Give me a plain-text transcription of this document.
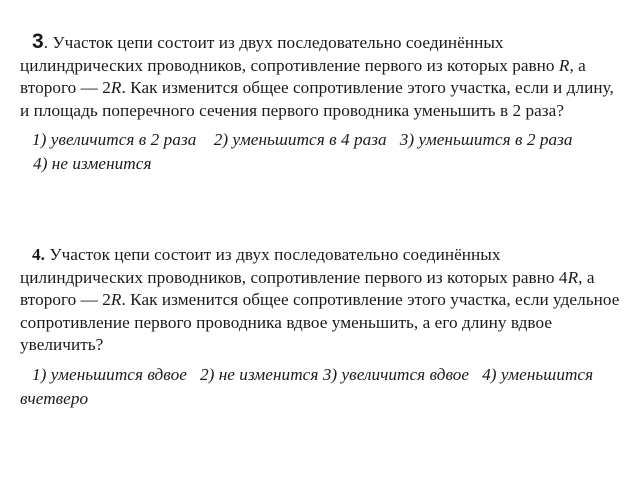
3. Участок цепи состоит из двух последовательно соединённых цилиндрических проводников, сопротивление первого из которых равно R, а второго — 2R. Как изменится общее сопротивление этого участка, если и длину, и площадь поперечного сечения первого проводника уменьшить в 2 раза?

1) увеличится в 2 раза 2) уменьшится в 4 раза 3) уменьшится в 2 раза   4) не изменится

4. Участок цепи состоит из двух последовательно соединённых цилиндрических проводников, сопротивление первого из которых равно 4R, а второго — 2R. Как изменится общее сопротивление этого участка, если удельное сопротивление первого проводника вдвое уменьшить, а его длину вдвое увеличить?

1) уменьшится вдвое 2) не изменится 3) увеличится вдвое 4) уменьшится вчетверо
